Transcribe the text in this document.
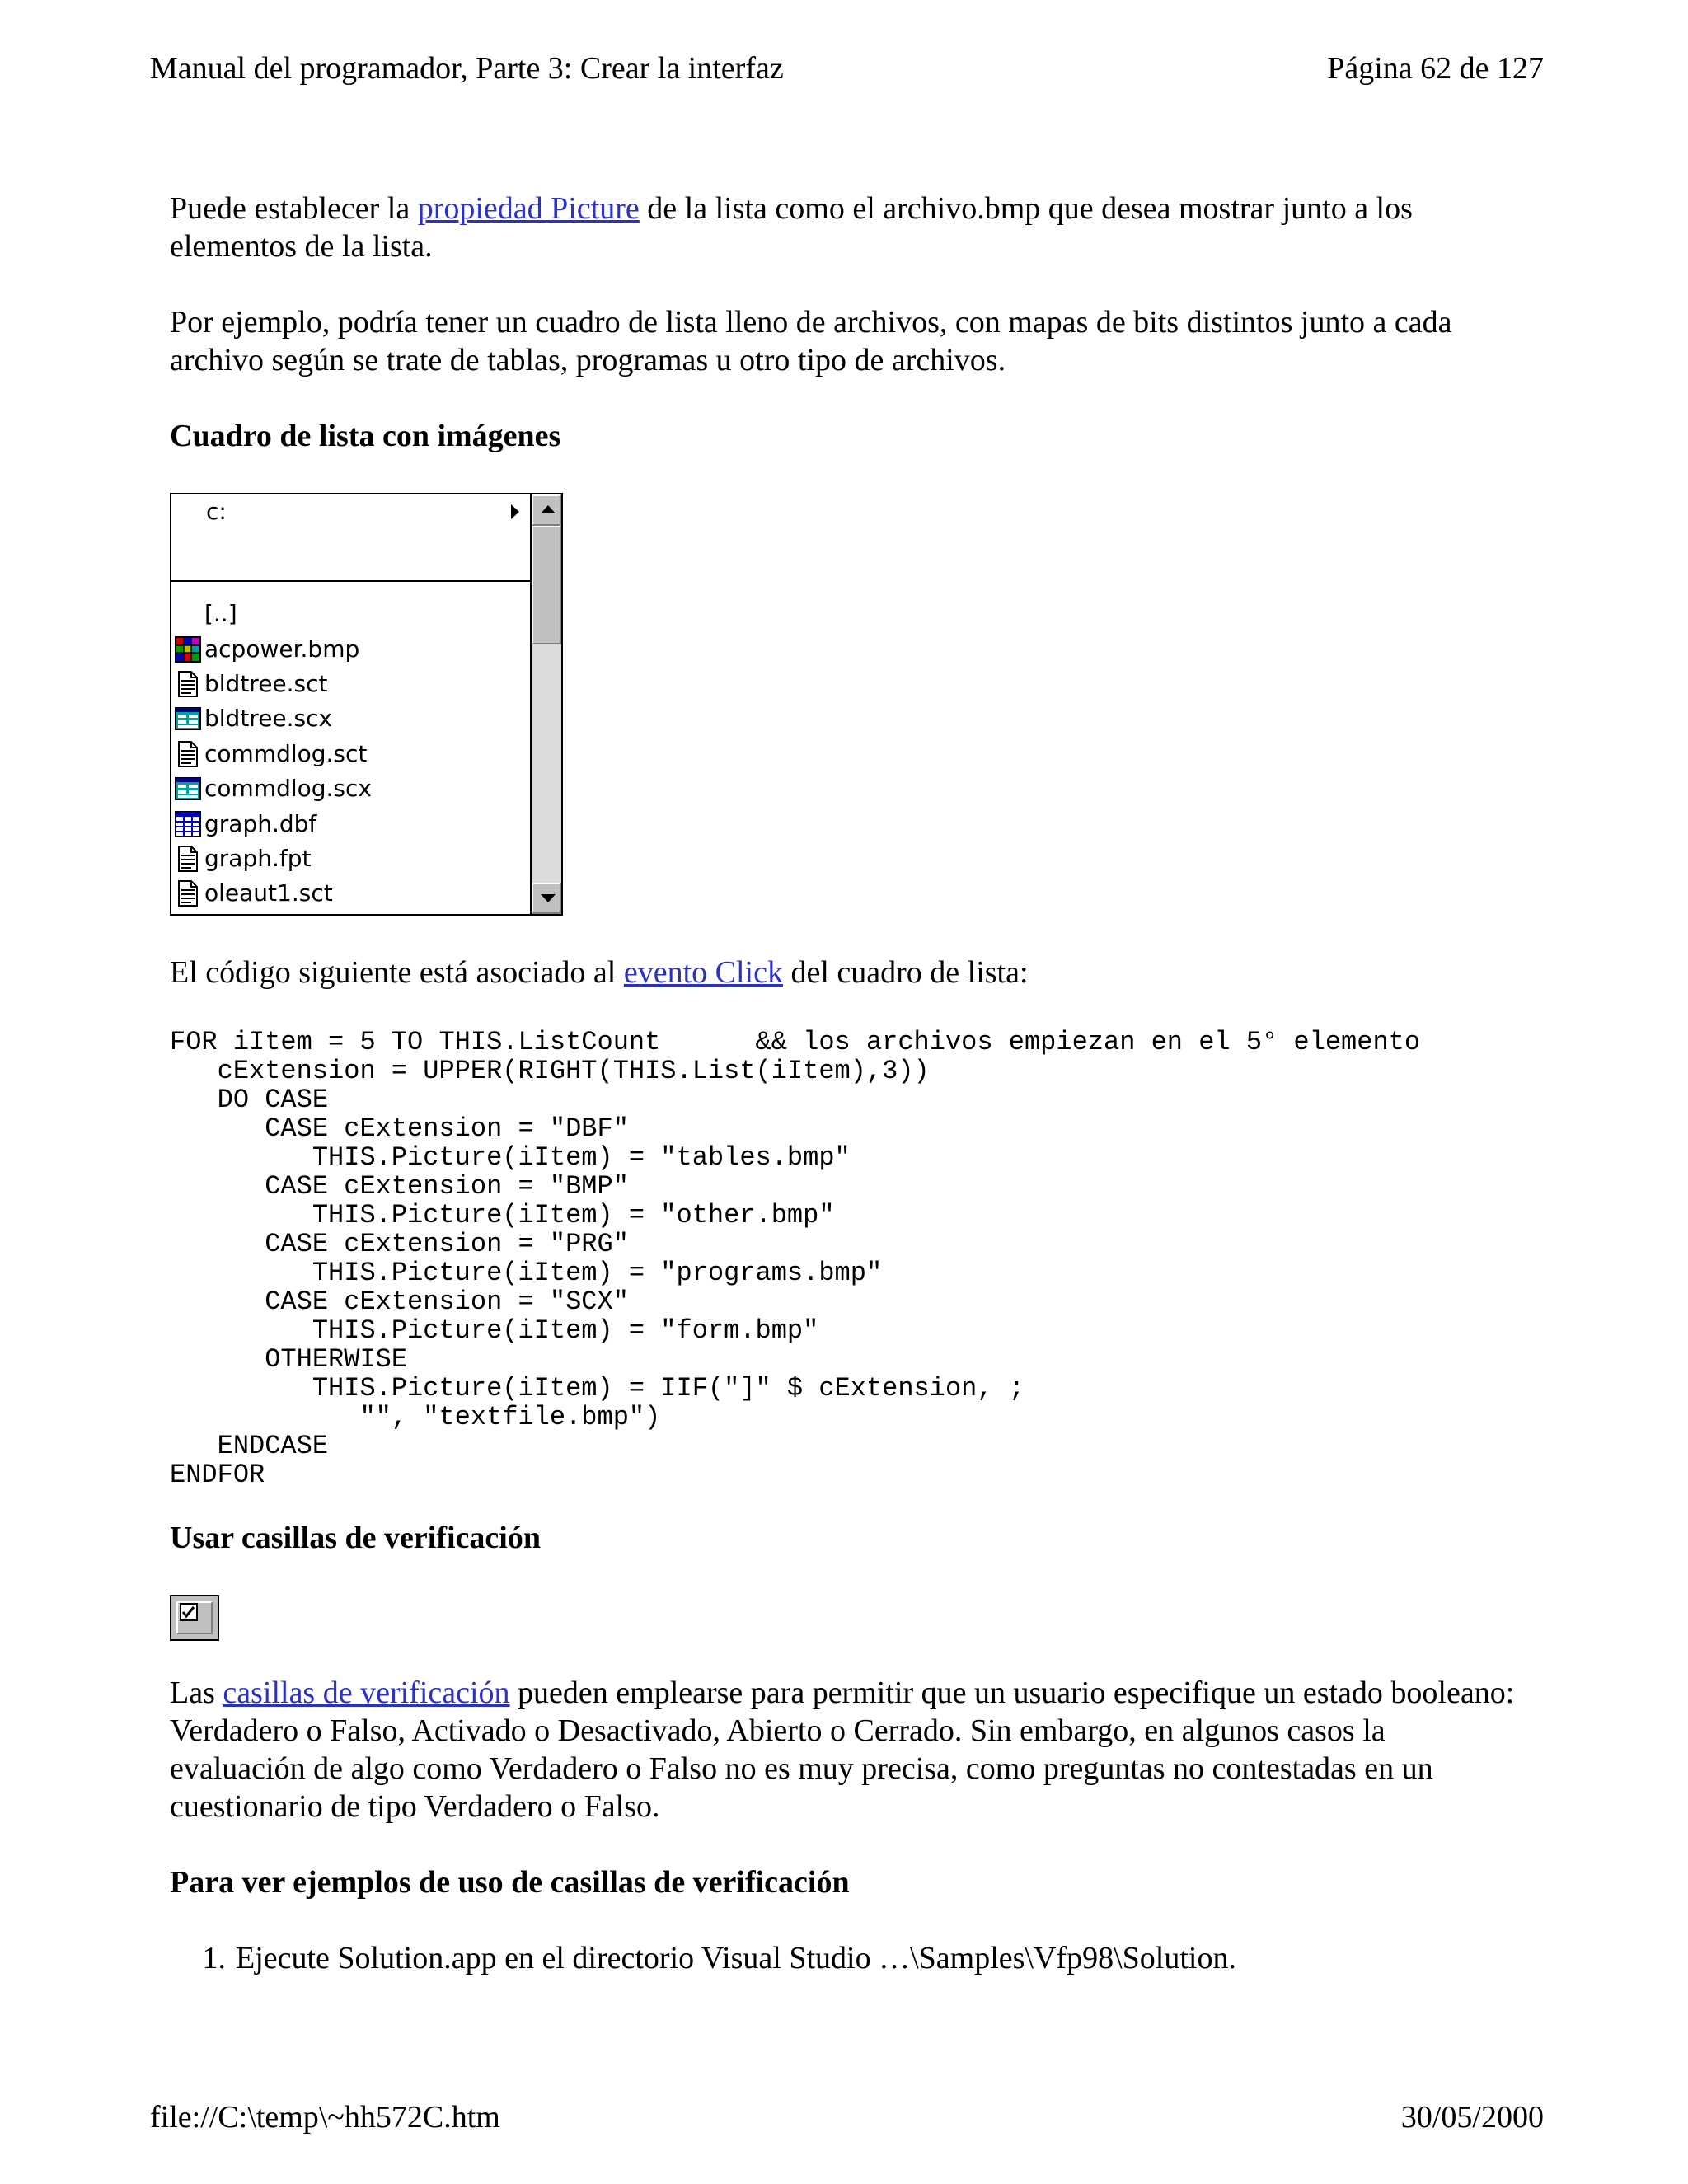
Manual del programador, Parte 3: Crear la interfaz	Página 62 de 127

Puede establecer la propiedad Picture de la lista como el archivo.bmp que desea mostrar junto a los elementos de la lista.

Por ejemplo, podría tener un cuadro de lista lleno de archivos, con mapas de bits distintos junto a cada archivo según se trate de tablas, programas u otro tipo de archivos.

Cuadro de lista con imágenes
c:
[..]
acpower.bmp
bldtree.sct
bldtree.scx
commdlog.sct
commdlog.scx
graph.dbf
graph.fpt
oleaut1.sct

El código siguiente está asociado al evento Click del cuadro de lista:

FOR iItem = 5 TO THIS.ListCount      && los archivos empiezan en el 5° elemento
cExtension = UPPER(RIGHT(THIS.List(iItem),3))
DO CASE
CASE cExtension = "DBF"
THIS.Picture(iItem) = "tables.bmp"
CASE cExtension = "BMP"
THIS.Picture(iItem) = "other.bmp"
CASE cExtension = "PRG"
THIS.Picture(iItem) = "programs.bmp"
CASE cExtension = "SCX"
THIS.Picture(iItem) = "form.bmp"
OTHERWISE
THIS.Picture(iItem) = IIF("]" $ cExtension, ;
"", "textfile.bmp")
ENDCASE
ENDFOR
Usar casillas de verificación

Las casillas de verificación pueden emplearse para permitir que un usuario especifique un estado booleano: Verdadero o Falso, Activado o Desactivado, Abierto o Cerrado. Sin embargo, en algunos casos la evaluación de algo como Verdadero o Falso no es muy precisa, como preguntas no contestadas en un cuestionario de tipo Verdadero o Falso.

Para ver ejemplos de uso de casillas de verificación
1. Ejecute Solution.app en el directorio Visual Studio …\Samples\Vfp98\Solution.
file://C:\temp\~hh572C.htm	30/05/2000
